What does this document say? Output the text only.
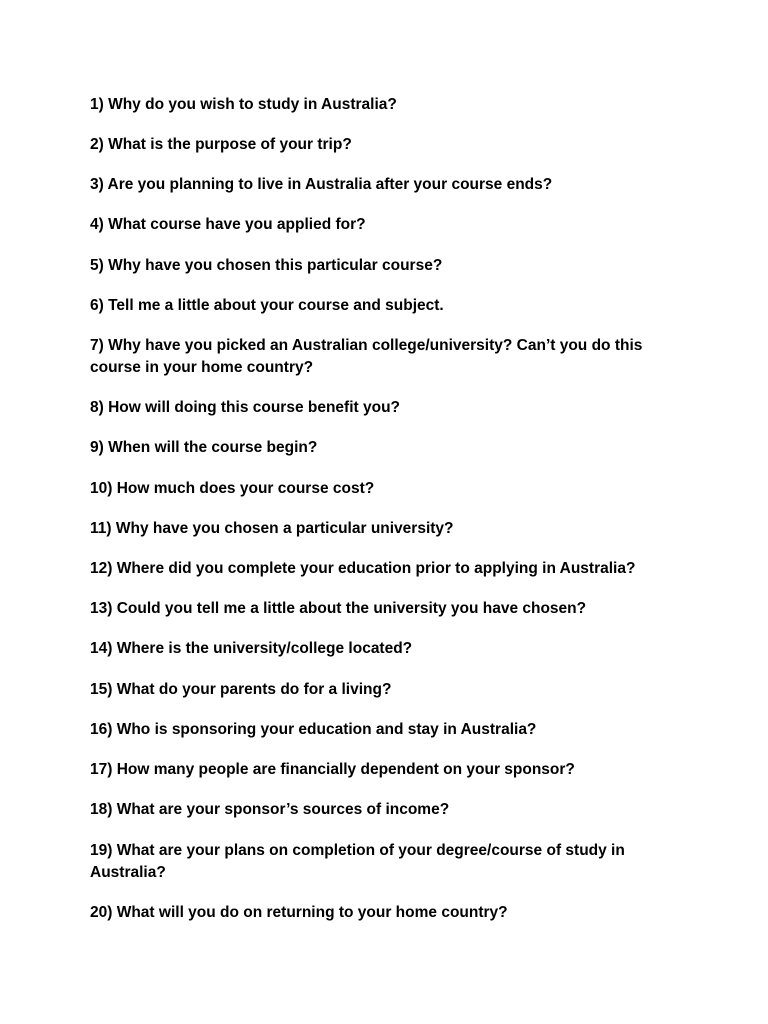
1) Why do you wish to study in Australia?

2) What is the purpose of your trip?

3) Are you planning to live in Australia after your course ends?

4) What course have you applied for?

5) Why have you chosen this particular course?

6) Tell me a little about your course and subject.

7) Why have you picked an Australian college/university? Can’t you do this course in your home country?

8) How will doing this course benefit you?

9) When will the course begin?

10) How much does your course cost?

11) Why have you chosen a particular university?

12) Where did you complete your education prior to applying in Australia?

13) Could you tell me a little about the university you have chosen?

14) Where is the university/college located?

15) What do your parents do for a living?

16) Who is sponsoring your education and stay in Australia?

17) How many people are financially dependent on your sponsor?

18) What are your sponsor’s sources of income?

19) What are your plans on completion of your degree/course of study in Australia?

20) What will you do on returning to your home country?
